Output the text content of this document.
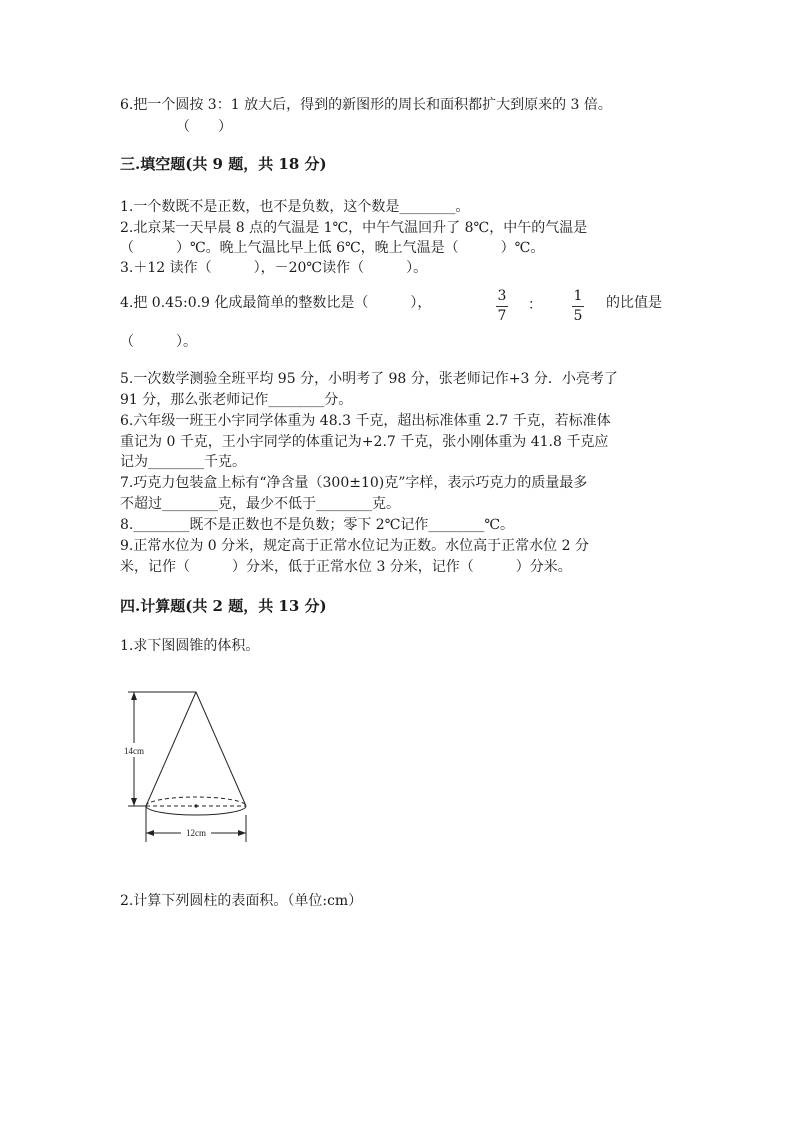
6.把一个圆按 3：1 放大后，得到的新图形的周长和面积都扩大到原来的 3 倍。
（　　）
三.填空题(共 9 题，共 18 分)
1.一个数既不是正数，也不是负数，这个数是________。
2.北京某一天早晨 8 点的气温是 1℃，中午气温回升了 8℃，中午的气温是
（　　　）℃。晚上气温比早上低 6℃，晚上气温是（　　　）℃。
3.＋12 读作（　　　），－20℃读作（　　　）。
4.把 0.45:0.9 化成最简单的整数比是（　　　），	3
7
：
1
5
的比值是
（　　　）。
5.一次数学测验全班平均 95 分，小明考了 98 分，张老师记作+3 分．小亮考了
91 分，那么张老师记作________分。
6.六年级一班王小宇同学体重为 48.3 千克，超出标准体重 2.7 千克，若标准体
重记为 0 千克，王小宇同学的体重记为+2.7 千克，张小刚体重为 41.8 千克应
记为________千克。
7.巧克力包装盒上标有“净含量（300±10)克”字样，表示巧克力的质量最多
不超过________克，最少不低于________克。
8.________既不是正数也不是负数；零下 2℃记作________℃。
9.正常水位为 0 分米，规定高于正常水位记为正数。水位高于正常水位 2 分
米，记作（　　　）分米，低于正常水位 3 分米，记作（　　　）分米。
四.计算题(共 2 题，共 13 分)
1.求下图圆锥的体积。
14cm
12cm
2.计算下列圆柱的表面积。（单位:cm）
